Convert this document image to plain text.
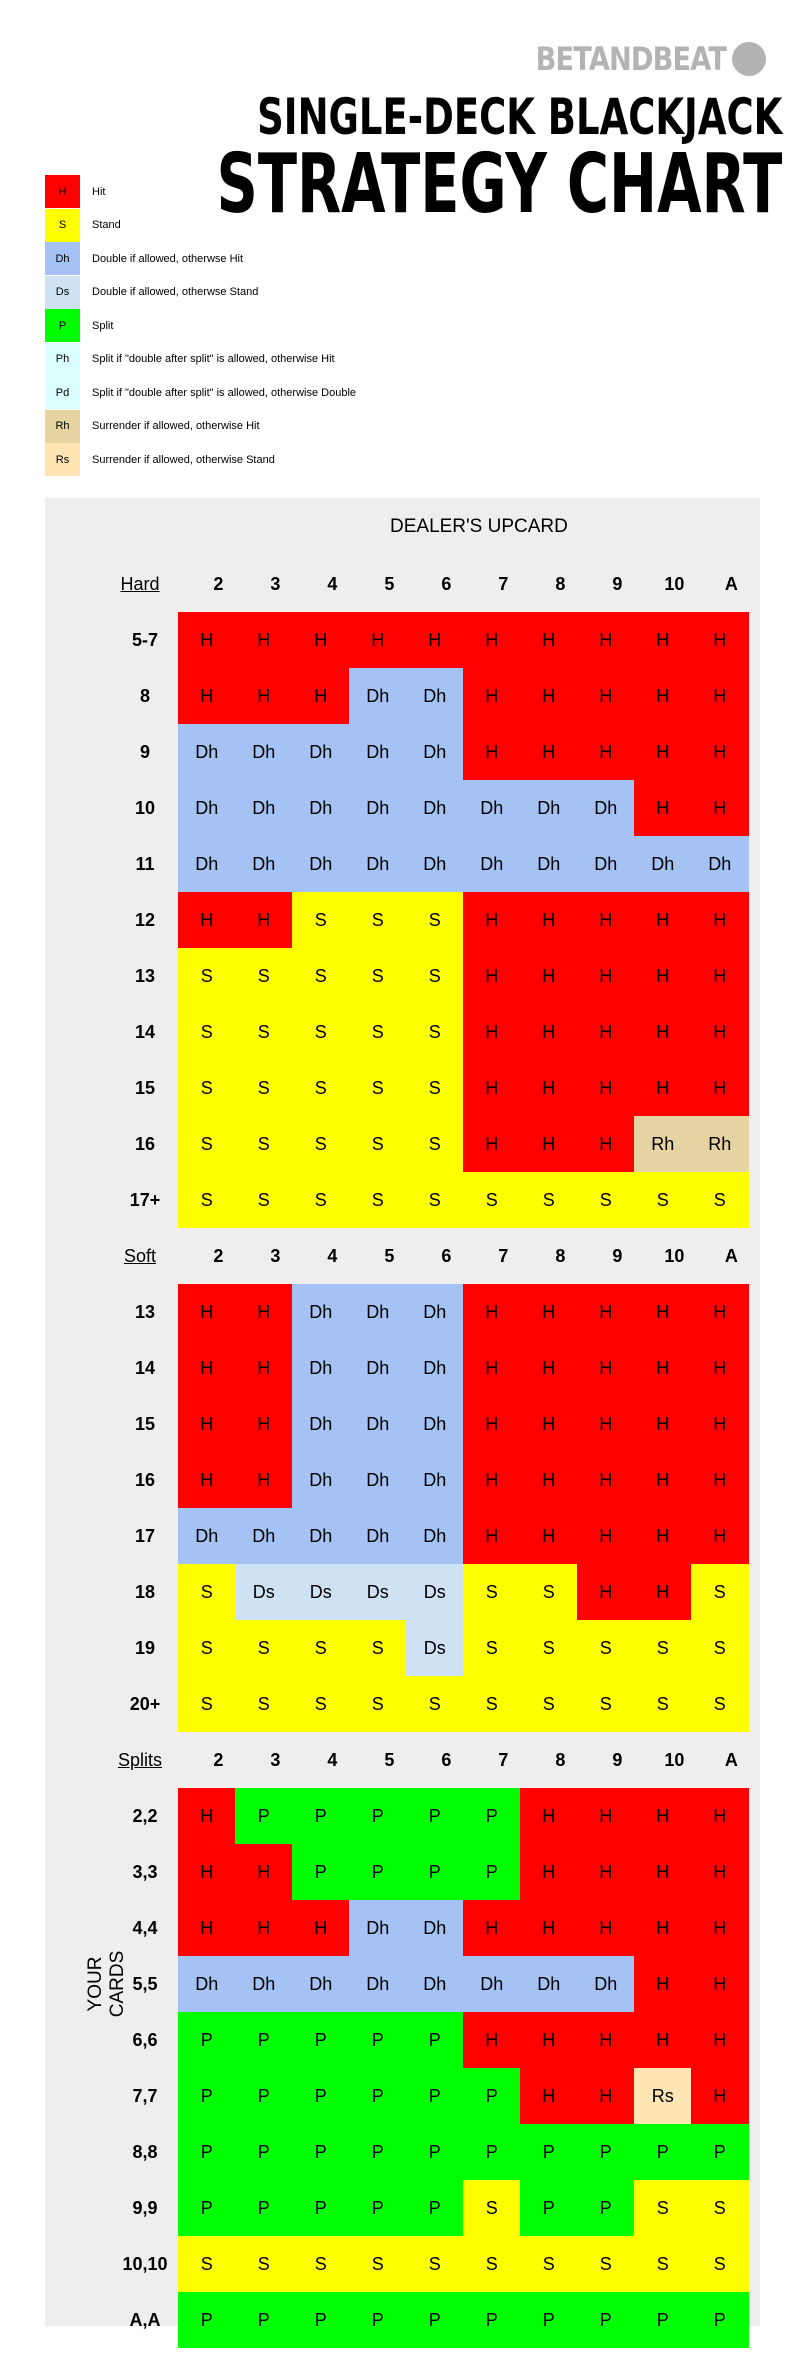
BETANDBEAT
SINGLE-DECK BLACKJACK
STRATEGY CHART
H	Hit
S	Stand
Dh	Double if allowed, otherwse Hit
Ds	Double if allowed, otherwse Stand
P	Split
Ph	Split if "double after split" is allowed, otherwise Hit
Pd	Split if "double after split" is allowed, otherwise Double
Rh	Surrender if allowed, otherwise Hit
Rs	Surrender if allowed, otherwise Stand
DEALER'S UPCARD
YOUR CARDS
Hard	2	3	4	5	6	7	8	9	10	A
5-7	H	H	H	H	H	H	H	H	H	H
8	H	H	H	Dh	Dh	H	H	H	H	H
9	Dh	Dh	Dh	Dh	Dh	H	H	H	H	H
10	Dh	Dh	Dh	Dh	Dh	Dh	Dh	Dh	H	H
11	Dh	Dh	Dh	Dh	Dh	Dh	Dh	Dh	Dh	Dh
12	H	H	S	S	S	H	H	H	H	H
13	S	S	S	S	S	H	H	H	H	H
14	S	S	S	S	S	H	H	H	H	H
15	S	S	S	S	S	H	H	H	H	H
16	S	S	S	S	S	H	H	H	Rh	Rh
17+	S	S	S	S	S	S	S	S	S	S
Soft	2	3	4	5	6	7	8	9	10	A
13	H	H	Dh	Dh	Dh	H	H	H	H	H
14	H	H	Dh	Dh	Dh	H	H	H	H	H
15	H	H	Dh	Dh	Dh	H	H	H	H	H
16	H	H	Dh	Dh	Dh	H	H	H	H	H
17	Dh	Dh	Dh	Dh	Dh	H	H	H	H	H
18	S	Ds	Ds	Ds	Ds	S	S	H	H	S
19	S	S	S	S	Ds	S	S	S	S	S
20+	S	S	S	S	S	S	S	S	S	S
Splits	2	3	4	5	6	7	8	9	10	A
2,2	H	P	P	P	P	P	H	H	H	H
3,3	H	H	P	P	P	P	H	H	H	H
4,4	H	H	H	Dh	Dh	H	H	H	H	H
5,5	Dh	Dh	Dh	Dh	Dh	Dh	Dh	Dh	H	H
6,6	P	P	P	P	P	H	H	H	H	H
7,7	P	P	P	P	P	P	H	H	Rs	H
8,8	P	P	P	P	P	P	P	P	P	P
9,9	P	P	P	P	P	S	P	P	S	S
10,10	S	S	S	S	S	S	S	S	S	S
A,A	P	P	P	P	P	P	P	P	P	P
